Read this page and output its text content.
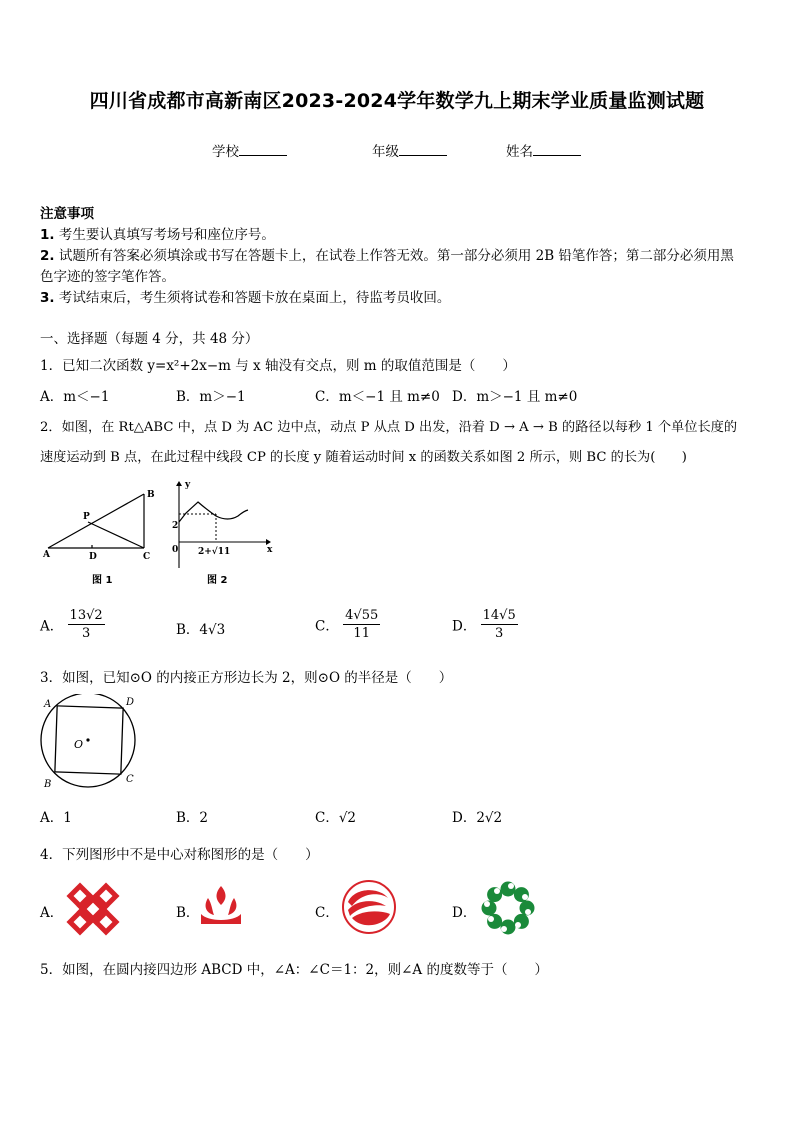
四川省成都市高新南区2023-2024学年数学九上期末学业质量监测试题
学校	年级	姓名
注意事项
1. 考生要认真填写考场号和座位序号。
2. 试题所有答案必须填涂或书写在答题卡上，在试卷上作答无效。第一部分必须用 2B 铅笔作答；第二部分必须用黑
色字迹的签字笔作答。
3. 考试结束后，考生须将试卷和答题卡放在桌面上，待监考员收回。
一、选择题（每题 4 分，共 48 分）
1．已知二次函数 y=x²+2x−m 与 x 轴没有交点，则 m 的取值范围是（　　）
A．m＜−1	B．m＞−1	C．m＜−1 且 m≠0 D．m＞−1 且 m≠0
2．如图，在 Rt△ABC 中，点 D 为 AC 边中点，动点 P 从点 D 出发，沿着 D → A → B 的路径以每秒 1 个单位长度的
速度运动到 B 点，在此过程中线段 CP 的长度 y 随着运动时间 x 的函数关系如图 2 所示，则 BC 的长为(　　)
A
B
C
D
P
图 1
y
x
0
2
2+√11
图 2
A． $\frac{13√2}{3}$	B．4√3	C． $\frac{4√55}{11}$	D． $\frac{14√5}{3}$
3．如图，已知⊙O 的内接正方形边长为 2，则⊙O 的半径是（　　）
A	D
B	C
O
A．1	B．2	C．√2	D．2√2
4．下列图形中不是中心对称图形的是（　　）
A．	B．	C．	D．
5．如图，在圆内接四边形 ABCD 中，∠A：∠C＝1：2，则∠A 的度数等于（　　）
